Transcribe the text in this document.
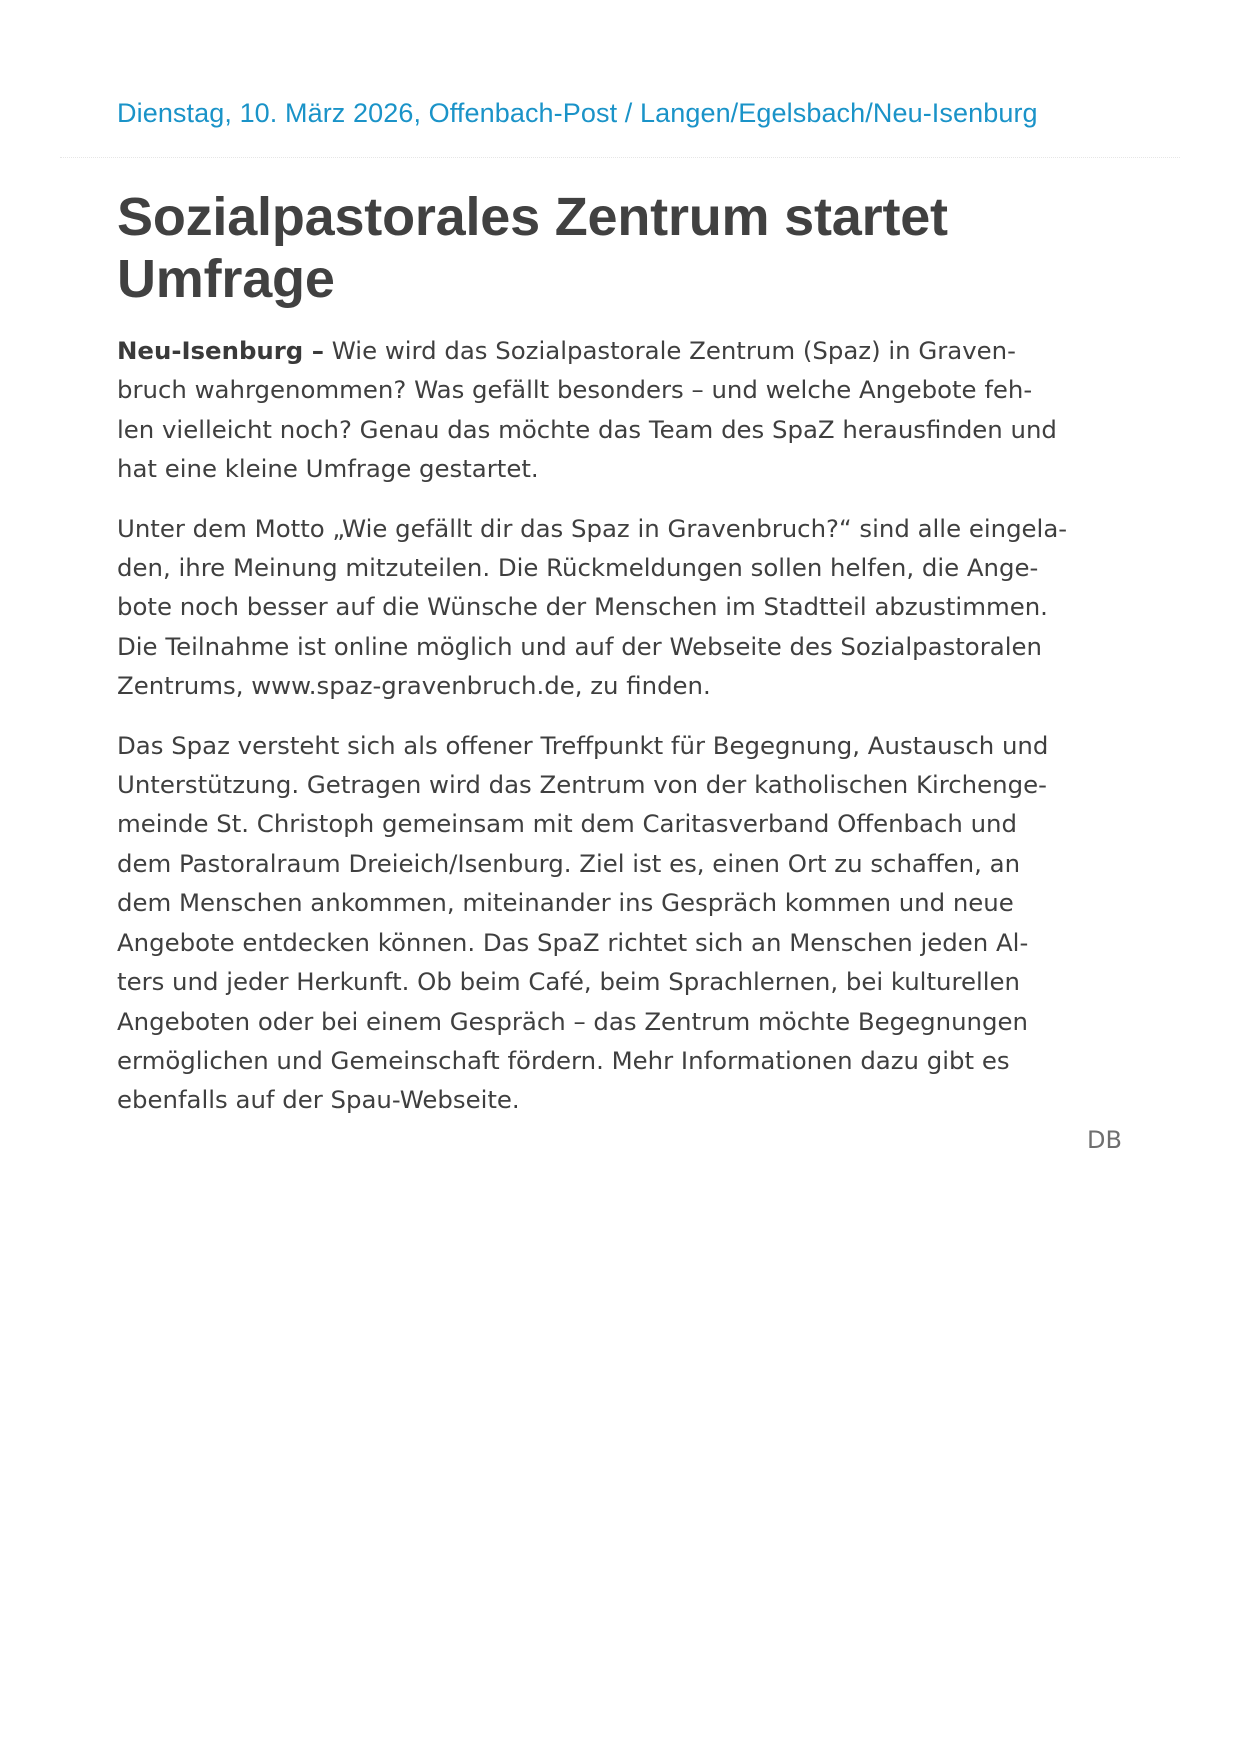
Dienstag, 10. März 2026, Offenbach-Post / Langen/Egelsbach/Neu-Isenburg
Sozialpastorales Zentrum startet
Umfrage

Neu-Isenburg – Wie wird das Sozialpastorale Zentrum (Spaz) in Graven-
bruch wahrgenommen? Was gefällt besonders – und welche Angebote feh-
len vielleicht noch? Genau das möchte das Team des SpaZ herausfinden und
hat eine kleine Umfrage gestartet.

Unter dem Motto „Wie gefällt dir das Spaz in Gravenbruch?“ sind alle eingela-
den, ihre Meinung mitzuteilen. Die Rückmeldungen sollen helfen, die Ange-
bote noch besser auf die Wünsche der Menschen im Stadtteil abzustimmen.
Die Teilnahme ist online möglich und auf der Webseite des Sozialpastoralen
Zentrums, www.spaz-gravenbruch.de, zu finden.

Das Spaz versteht sich als offener Treffpunkt für Begegnung, Austausch und
Unterstützung. Getragen wird das Zentrum von der katholischen Kirchenge-
meinde St. Christoph gemeinsam mit dem Caritasverband Offenbach und
dem Pastoralraum Dreieich/Isenburg. Ziel ist es, einen Ort zu schaffen, an
dem Menschen ankommen, miteinander ins Gespräch kommen und neue
Angebote entdecken können. Das SpaZ richtet sich an Menschen jeden Al-
ters und jeder Herkunft. Ob beim Café, beim Sprachlernen, bei kulturellen
Angeboten oder bei einem Gespräch – das Zentrum möchte Begegnungen
ermöglichen und Gemeinschaft fördern. Mehr Informationen dazu gibt es
ebenfalls auf der Spau-Webseite.

DB
